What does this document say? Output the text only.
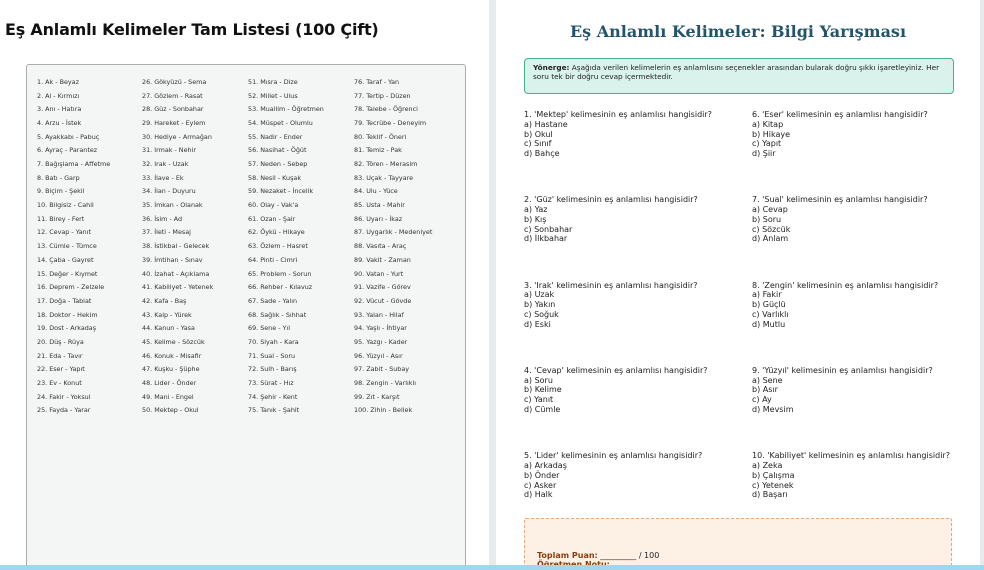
Eş Anlamlı Kelimeler Tam Listesi (100 Çift)
1. Ak - Beyaz
2. Al - Kırmızı
3. Anı - Hatıra
4. Arzu - İstek
5. Ayakkabı - Pabuç
6. Ayraç - Parantez
7. Bağışlama - Affetme
8. Batı - Garp
9. Biçim - Şekil
10. Bilgisiz - Cahil
11. Birey - Fert
12. Cevap - Yanıt
13. Cümle - Tümce
14. Çaba - Gayret
15. Değer - Kıymet
16. Deprem - Zelzele
17. Doğa - Tabiat
18. Doktor - Hekim
19. Dost - Arkadaş
20. Düş - Rüya
21. Eda - Tavır
22. Eser - Yapıt
23. Ev - Konut
24. Fakir - Yoksul
25. Fayda - Yarar
26. Gökyüzü - Sema
27. Gözlem - Rasat
28. Güz - Sonbahar
29. Hareket - Eylem
30. Hediye - Armağan
31. Irmak - Nehir
32. Irak - Uzak
33. İlave - Ek
34. İlan - Duyuru
35. İmkan - Olanak
36. İsim - Ad
37. İleti - Mesaj
38. İstikbal - Gelecek
39. İmtihan - Sınav
40. İzahat - Açıklama
41. Kabiliyet - Yetenek
42. Kafa - Baş
43. Kalp - Yürek
44. Kanun - Yasa
45. Kelime - Sözcük
46. Konuk - Misafir
47. Kuşku - Şüphe
48. Lider - Önder
49. Mani - Engel
50. Mektep - Okul
51. Mısra - Dize
52. Millet - Ulus
53. Muallim - Öğretmen
54. Müspet - Olumlu
55. Nadir - Ender
56. Nasihat - Öğüt
57. Neden - Sebep
58. Nesil - Kuşak
59. Nezaket - İncelik
60. Olay - Vak'a
61. Ozan - Şair
62. Öykü - Hikaye
63. Özlem - Hasret
64. Pinti - Cimri
65. Problem - Sorun
66. Rehber - Kılavuz
67. Sade - Yalın
68. Sağlık - Sıhhat
69. Sene - Yıl
70. Siyah - Kara
71. Sual - Soru
72. Sulh - Barış
73. Sürat - Hız
74. Şehir - Kent
75. Tanık - Şahit
76. Taraf - Yan
77. Tertip - Düzen
78. Talebe - Öğrenci
79. Tecrübe - Deneyim
80. Teklif - Öneri
81. Temiz - Pak
82. Tören - Merasim
83. Uçak - Tayyare
84. Ulu - Yüce
85. Usta - Mahir
86. Uyarı - İkaz
87. Uygarlık - Medeniyet
88. Vasıta - Araç
89. Vakit - Zaman
90. Vatan - Yurt
91. Vazife - Görev
92. Vücut - Gövde
93. Yalan - Hilaf
94. Yaşlı - İhtiyar
95. Yazgı - Kader
96. Yüzyıl - Asır
97. Zabit - Subay
98. Zengin - Varlıklı
99. Zıt - Karşıt
100. Zihin - Bellek
Eş Anlamlı Kelimeler: Bilgi Yarışması
Yönerge: Aşağıda verilen kelimelerin eş anlamlısını seçenekler arasından bularak doğru şıkkı işaretleyiniz. Her soru tek bir doğru cevap içermektedir.
1. 'Mektep' kelimesinin eş anlamlısı hangisidir?
a) Hastane
b) Okul
c) Sınıf
d) Bahçe
2. 'Güz' kelimesinin eş anlamlısı hangisidir?
a) Yaz
b) Kış
c) Sonbahar
d) İlkbahar
3. 'Irak' kelimesinin eş anlamlısı hangisidir?
a) Uzak
b) Yakın
c) Soğuk
d) Eski
4. 'Cevap' kelimesinin eş anlamlısı hangisidir?
a) Soru
b) Kelime
c) Yanıt
d) Cümle
5. 'Lider' kelimesinin eş anlamlısı hangisidir?
a) Arkadaş
b) Önder
c) Asker
d) Halk
6. 'Eser' kelimesinin eş anlamlısı hangisidir?
a) Kitap
b) Hikaye
c) Yapıt
d) Şiir
7. 'Sual' kelimesinin eş anlamlısı hangisidir?
a) Cevap
b) Soru
c) Sözcük
d) Anlam
8. 'Zengin' kelimesinin eş anlamlısı hangisidir?
a) Fakir
b) Güçlü
c) Varlıklı
d) Mutlu
9. 'Yüzyıl' kelimesinin eş anlamlısı hangisidir?
a) Sene
b) Asır
c) Ay
d) Mevsim
10. 'Kabiliyet' kelimesinin eş anlamlısı hangisidir?
a) Zeka
b) Çalışma
c) Yetenek
d) Başarı
Toplam Puan: _________ / 100
